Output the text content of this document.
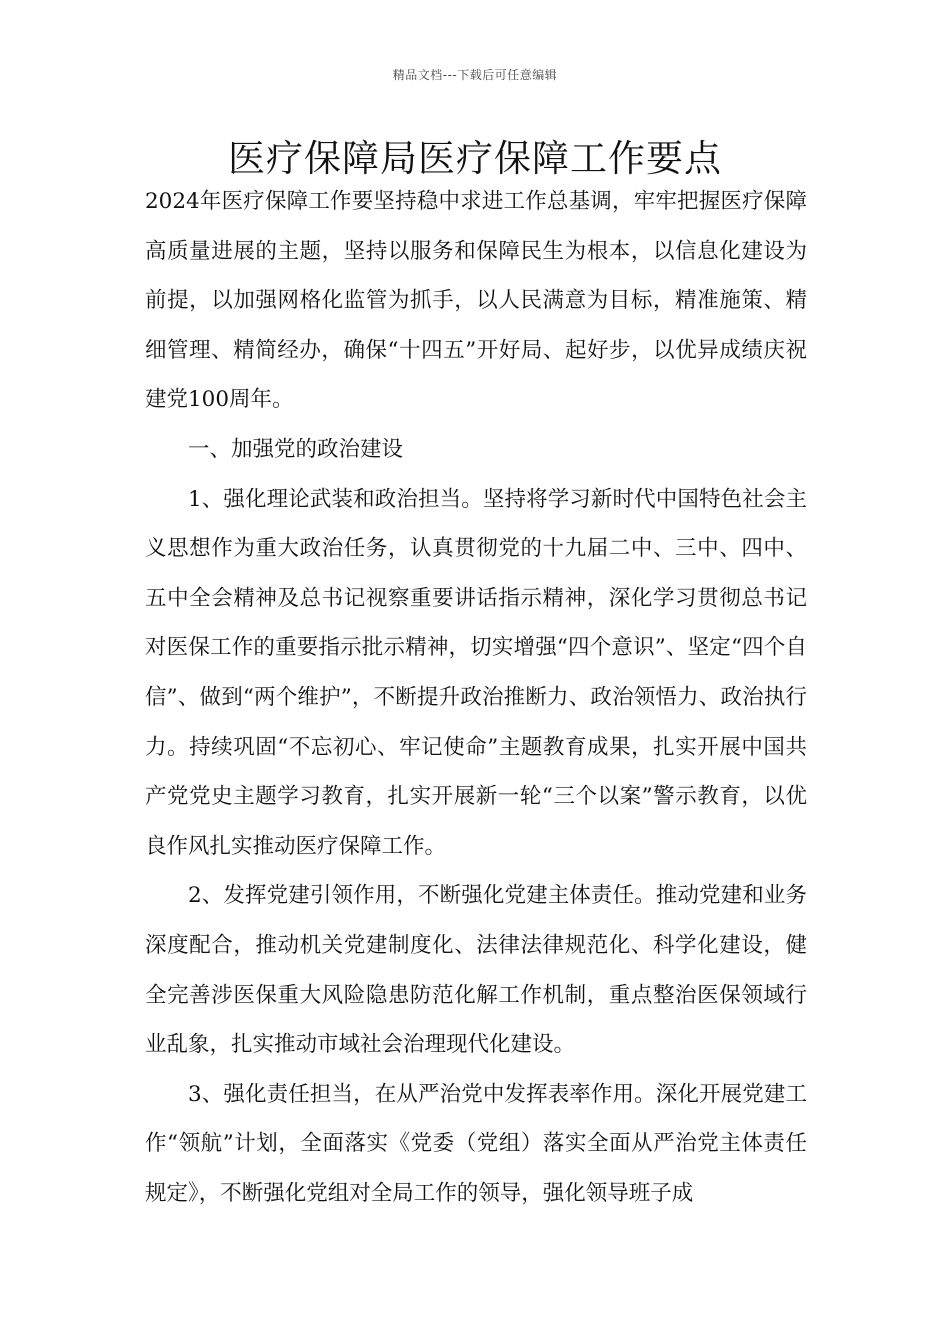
精品文档---下载后可任意编辑
医疗保障局医疗保障工作要点

2024年医疗保障工作要坚持稳中求进工作总基调，牢牢把握医疗保障高质量进展的主题，坚持以服务和保障民生为根本，以信息化建设为前提，以加强网格化监管为抓手，以人民满意为目标，精准施策、精细管理、精简经办，确保“十四五”开好局、起好步，以优异成绩庆祝建党100周年。

一、加强党的政治建设

1、强化理论武装和政治担当。坚持将学习新时代中国特色社会主义思想作为重大政治任务，认真贯彻党的十九届二中、三中、四中、五中全会精神及总书记视察重要讲话指示精神，深化学习贯彻总书记对医保工作的重要指示批示精神，切实增强“四个意识”、坚定“四个自信”、做到“两个维护”，不断提升政治推断力、政治领悟力、政治执行力。持续巩固“不忘初心、牢记使命”主题教育成果，扎实开展中国共产党党史主题学习教育，扎实开展新一轮“三个以案”警示教育，以优良作风扎实推动医疗保障工作。

2、发挥党建引领作用，不断强化党建主体责任。推动党建和业务深度配合，推动机关党建制度化、法律法律规范化、科学化建设，健全完善涉医保重大风险隐患防范化解工作机制，重点整治医保领域行业乱象，扎实推动市域社会治理现代化建设。

3、强化责任担当，在从严治党中发挥表率作用。深化开展党建工作“领航”计划，全面落实《党委（党组）落实全面从严治党主体责任规定》，不断强化党组对全局工作的领导，强化领导班子成
